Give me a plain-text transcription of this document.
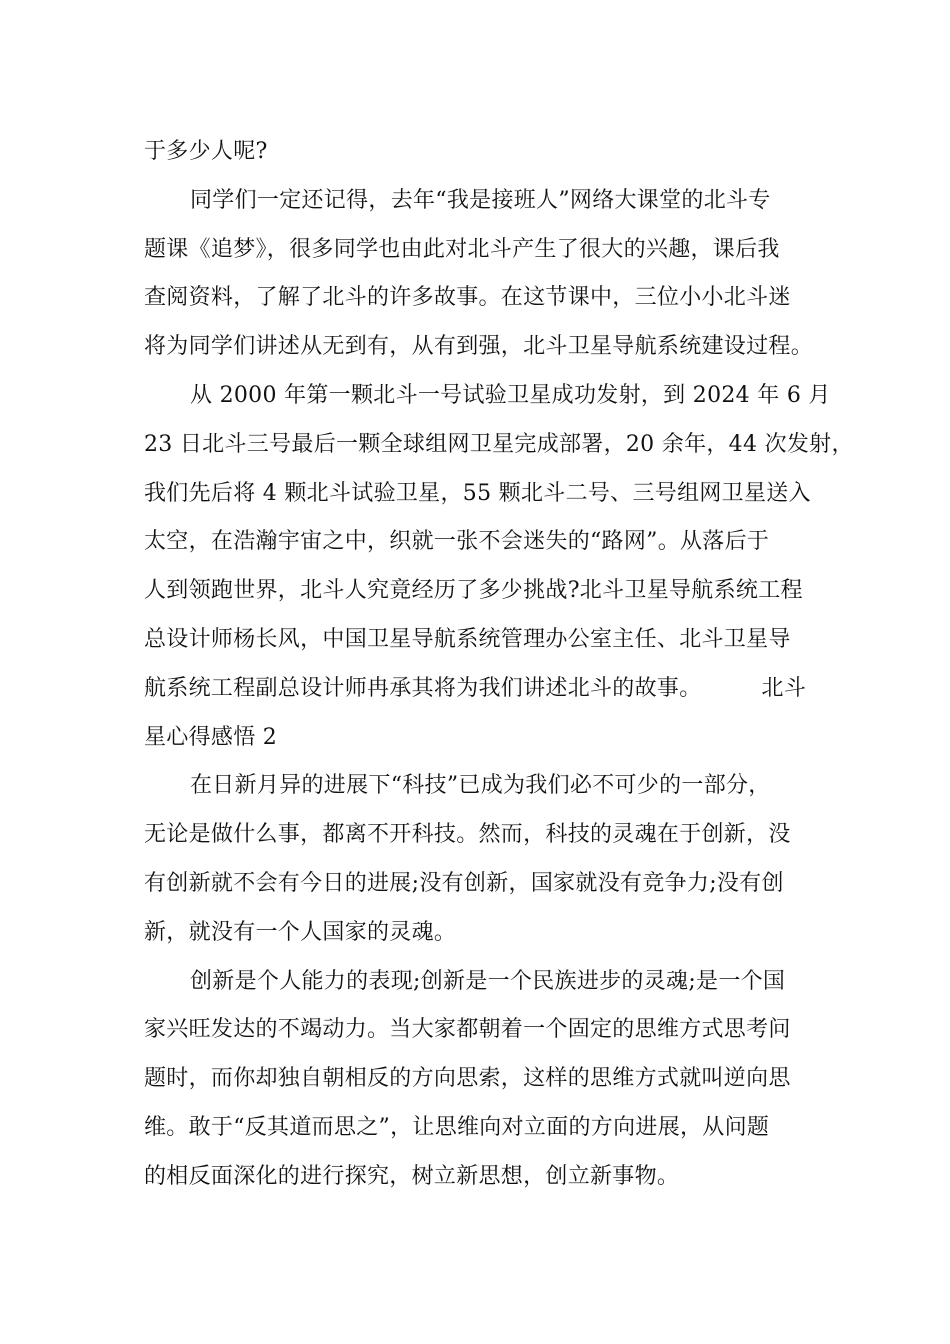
于多少人呢?
同学们一定还记得，去年“我是接班人”网络大课堂的北斗专
题课《追梦》，很多同学也由此对北斗产生了很大的兴趣，课后我
查阅资料，了解了北斗的许多故事。在这节课中，三位小小北斗迷
将为同学们讲述从无到有，从有到强，北斗卫星导航系统建设过程。
从 2000 年第一颗北斗一号试验卫星成功发射，到 2024 年 6 月
23 日北斗三号最后一颗全球组网卫星完成部署，20 余年，44 次发射，
我们先后将 4 颗北斗试验卫星，55 颗北斗二号、三号组网卫星送入
太空，在浩瀚宇宙之中，织就一张不会迷失的“路网”。从落后于
人到领跑世界，北斗人究竟经历了多少挑战?北斗卫星导航系统工程
总设计师杨长风，中国卫星导航系统管理办公室主任、北斗卫星导
航系统工程副总设计师冉承其将为我们讲述北斗的故事。	北斗
星心得感悟 2
在日新月异的进展下“科技”已成为我们必不可少的一部分，
无论是做什么事，都离不开科技。然而，科技的灵魂在于创新，没
有创新就不会有今日的进展;没有创新，国家就没有竞争力;没有创
新，就没有一个人国家的灵魂。
创新是个人能力的表现;创新是一个民族进步的灵魂;是一个国
家兴旺发达的不竭动力。当大家都朝着一个固定的思维方式思考问
题时，而你却独自朝相反的方向思索，这样的思维方式就叫逆向思
维。敢于“反其道而思之”，让思维向对立面的方向进展，从问题
的相反面深化的进行探究，树立新思想，创立新事物。
